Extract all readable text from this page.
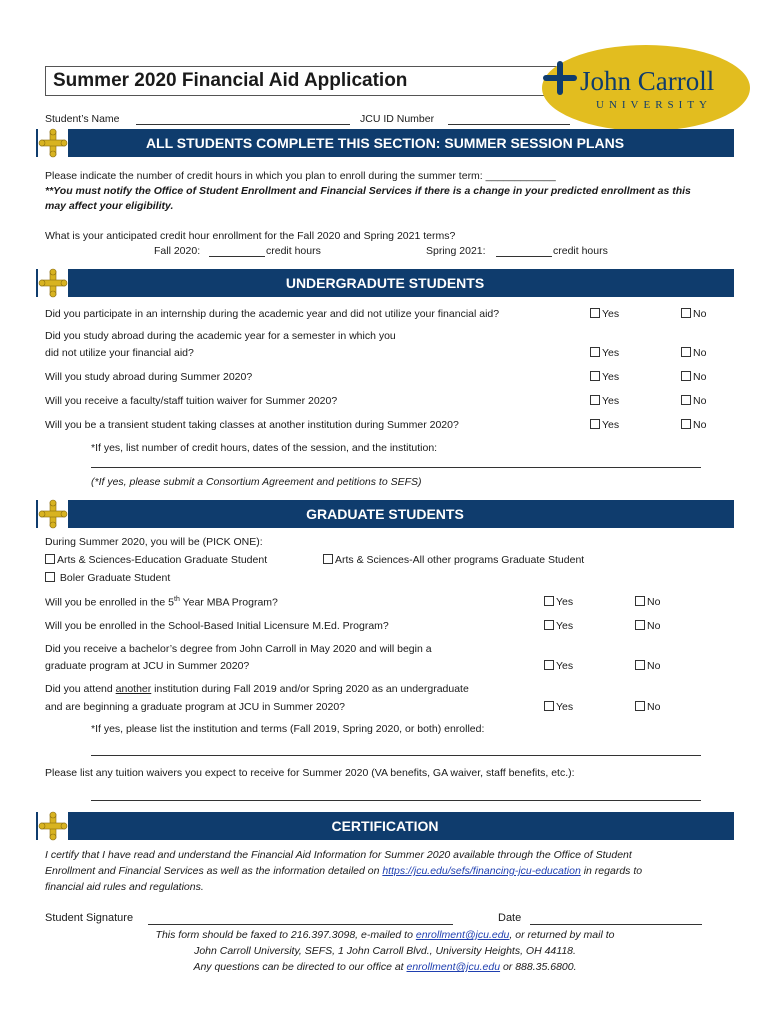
Summer 2020 Financial Aid Application	John Carroll
UNIVERSITY
Student’s Name	JCU ID Number
ALL STUDENTS COMPLETE THIS SECTION: SUMMER SESSION PLANS
Please indicate the number of credit hours in which you plan to enroll during the summer term: ____________
**You must notify the Office of Student Enrollment and Financial Services if there is a change in your predicted enrollment as this
may affect your eligibility.
What is your anticipated credit hour enrollment for the Fall 2020 and Spring 2021 terms?
Fall 2020:	credit hours	Spring 2021:	credit hours
UNDERGRADUTE STUDENTS
Did you participate in an internship during the academic year and did not utilize your financial aid?	Yes	No
Did you study abroad during the academic year for a semester in which you
did not utilize your financial aid?	Yes	No
Will you study abroad during Summer 2020?	Yes	No
Will you receive a faculty/staff tuition waiver for Summer 2020?	Yes	No
Will you be a transient student taking classes at another institution during Summer 2020?	Yes	No
*If yes, list number of credit hours, dates of the session, and the institution:
(*If yes, please submit a Consortium Agreement and petitions to SEFS)
GRADUATE STUDENTS
During Summer 2020, you will be (PICK ONE):
Arts & Sciences-Education Graduate Student	Arts & Sciences-All other programs Graduate Student
Boler Graduate Student
Will you be enrolled in the 5th Year MBA Program?	Yes	No
Will you be enrolled in the School-Based Initial Licensure M.Ed. Program?	Yes	No
Did you receive a bachelor’s degree from John Carroll in May 2020 and will begin a
graduate program at JCU in Summer 2020?	Yes	No
Did you attend another institution during Fall 2019 and/or Spring 2020 as an undergraduate
and are beginning a graduate program at JCU in Summer 2020?	Yes	No
*If yes, please list the institution and terms (Fall 2019, Spring 2020, or both) enrolled:
Please list any tuition waivers you expect to receive for Summer 2020 (VA benefits, GA waiver, staff benefits, etc.):
CERTIFICATION
I certify that I have read and understand the Financial Aid Information for Summer 2020 available through the Office of Student
Enrollment and Financial Services as well as the information detailed on https://jcu.edu/sefs/financing-jcu-education in regards to
financial aid rules and regulations.
Student Signature	Date
This form should be faxed to 216.397.3098, e-mailed to enrollment@jcu.edu, or returned by mail to
John Carroll University, SEFS, 1 John Carroll Blvd., University Heights, OH 44118.
Any questions can be directed to our office at enrollment@jcu.edu or 888.35.6800.
